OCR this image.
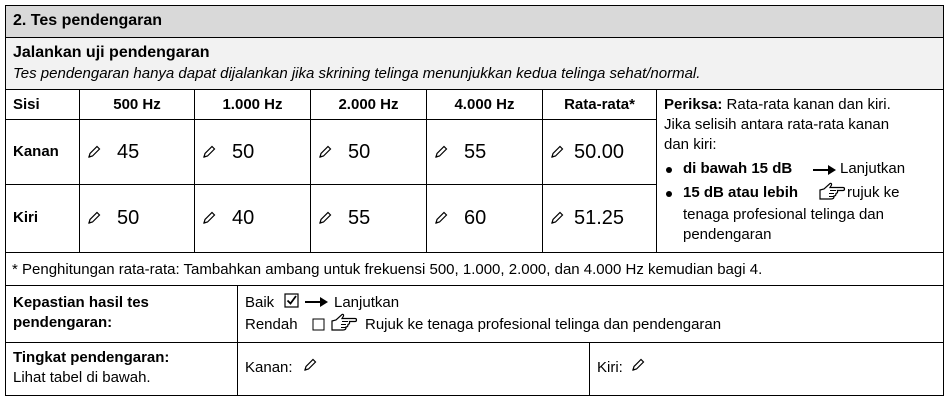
2. Tes pendengaran
Jalankan uji pendengaran
Tes pendengaran hanya dapat dijalankan jika skrining telinga menunjukkan kedua telinga sehat/normal.
Sisi	500 Hz	1.000 Hz	2.000 Hz	4.000 Hz	Rata-rata*
Kanan	45	50	50	55	50.00
Kiri	50	40	55	60	51.25
Periksa: Rata-rata kanan dan kiri.
Jika selisih antara rata-rata kanan
dan kiri:
di bawah 15 dB	Lanjutkan
15 dB atau lebih	rujuk ke
tenaga profesional telinga dan
pendengaran
* Penghitungan rata-rata: Tambahkan ambang untuk frekuensi 500, 1.000, 2.000, dan 4.000 Hz kemudian bagi 4.
Kepastian hasil tes
pendengaran:
Baik	Lanjutkan
Rendah	Rujuk ke tenaga profesional telinga dan pendengaran
Tingkat pendengaran:
Lihat tabel di bawah.
Kanan:	Kiri:
